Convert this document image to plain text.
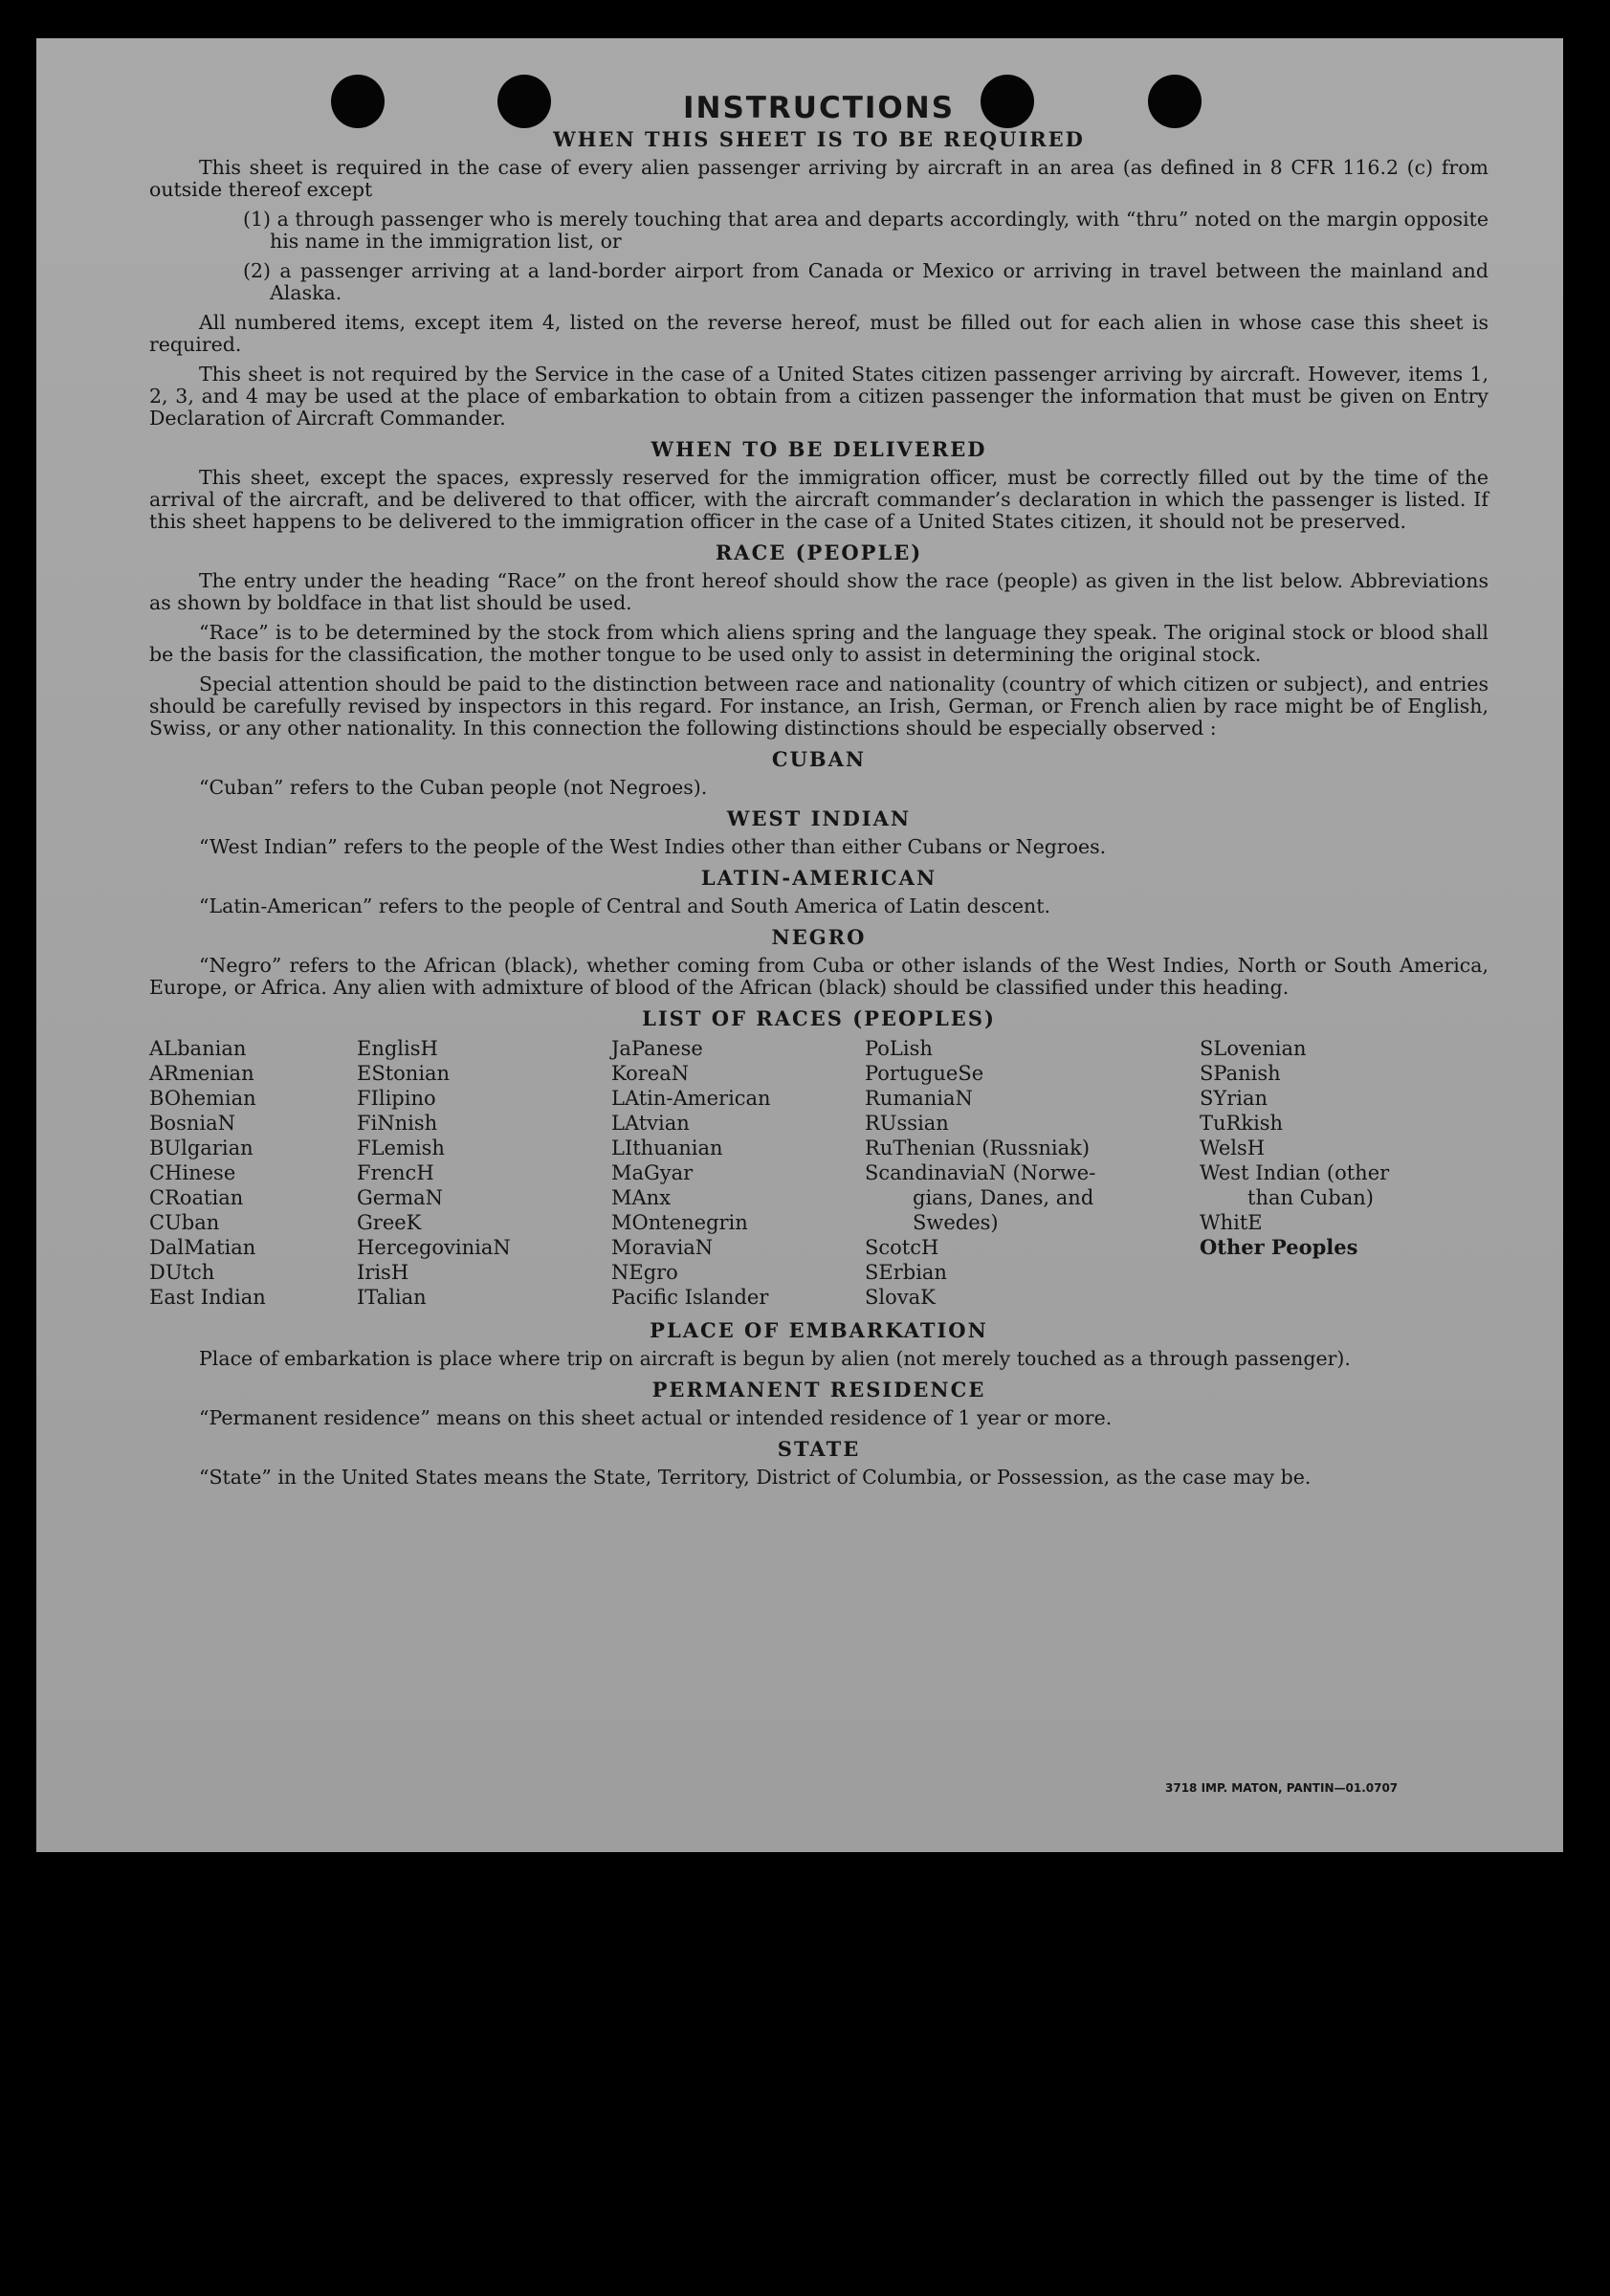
INSTRUCTIONS
WHEN THIS SHEET IS TO BE REQUIRED

This sheet is required in the case of every alien passenger arriving by aircraft in an area (as defined in 8 CFR 116.2 (c) from outside thereof except

(1) a through passenger who is merely touching that area and departs accordingly, with “thru” noted on the margin opposite his name in the immigration list, or
(2) a passenger arriving at a land-border airport from Canada or Mexico or arriving in travel between the mainland and Alaska.

All numbered items, except item 4, listed on the reverse hereof, must be filled out for each alien in whose case this sheet is required.

This sheet is not required by the Service in the case of a United States citizen passenger arriving by aircraft. However, items 1, 2, 3, and 4 may be used at the place of embarkation to obtain from a citizen passenger the information that must be given on Entry Declaration of Aircraft Commander.

WHEN TO BE DELIVERED

This sheet, except the spaces, expressly reserved for the immigration officer, must be correctly filled out by the time of the arrival of the aircraft, and be delivered to that officer, with the aircraft commander’s declaration in which the passenger is listed. If this sheet happens to be delivered to the immigration officer in the case of a United States citizen, it should not be preserved.

RACE (PEOPLE)

The entry under the heading “Race” on the front hereof should show the race (people) as given in the list below. Abbreviations as shown by boldface in that list should be used.

“Race” is to be determined by the stock from which aliens spring and the language they speak. The original stock or blood shall be the basis for the classification, the mother tongue to be used only to assist in determining the original stock.

Special attention should be paid to the distinction between race and nationality (country of which citizen or subject), and entries should be carefully revised by inspectors in this regard. For instance, an Irish, German, or French alien by race might be of English, Swiss, or any other nationality. In this connection the following distinctions should be especially observed :

CUBAN

“Cuban” refers to the Cuban people (not Negroes).

WEST INDIAN

“West Indian” refers to the people of the West Indies other than either Cubans or Negroes.

LATIN-AMERICAN

“Latin-American” refers to the people of Central and South America of Latin descent.

NEGRO

“Negro” refers to the African (black), whether coming from Cuba or other islands of the West Indies, North or South America, Europe, or Africa. Any alien with admixture of blood of the African (black) should be classified under this heading.

LIST OF RACES (PEOPLES)
ALbanian
ARmenian
BOhemian
BosniaN
BUlgarian
CHinese
CRoatian
CUban
DalMatian
DUtch
East Indian
EnglisH
EStonian
FIlipino
FiNnish
FLemish
FrencH
GermaN
GreeK
HercegoviniaN
IrisH
ITalian
JaPanese
KoreaN
LAtin-American
LAtvian
LIthuanian
MaGyar
MAnx
MOntenegrin
MoraviaN
NEgro
Pacific Islander
PoLish
PortugueSe
RumaniaN
RUssian
RuThenian (Russniak)
ScandinaviaN (Norwe-
gians, Danes, and
Swedes)
ScotcH
SErbian
SlovaK
SLovenian
SPanish
SYrian
TuRkish
WelsH
West Indian (other
than Cuban)
WhitE
Other Peoples
PLACE OF EMBARKATION

Place of embarkation is place where trip on aircraft is begun by alien (not merely touched as a through passenger).

PERMANENT RESIDENCE

“Permanent residence” means on this sheet actual or intended residence of 1 year or more.

STATE

“State” in the United States means the State, Territory, District of Columbia, or Possession, as the case may be.

3718 IMP. MATON, PANTIN—01.0707
